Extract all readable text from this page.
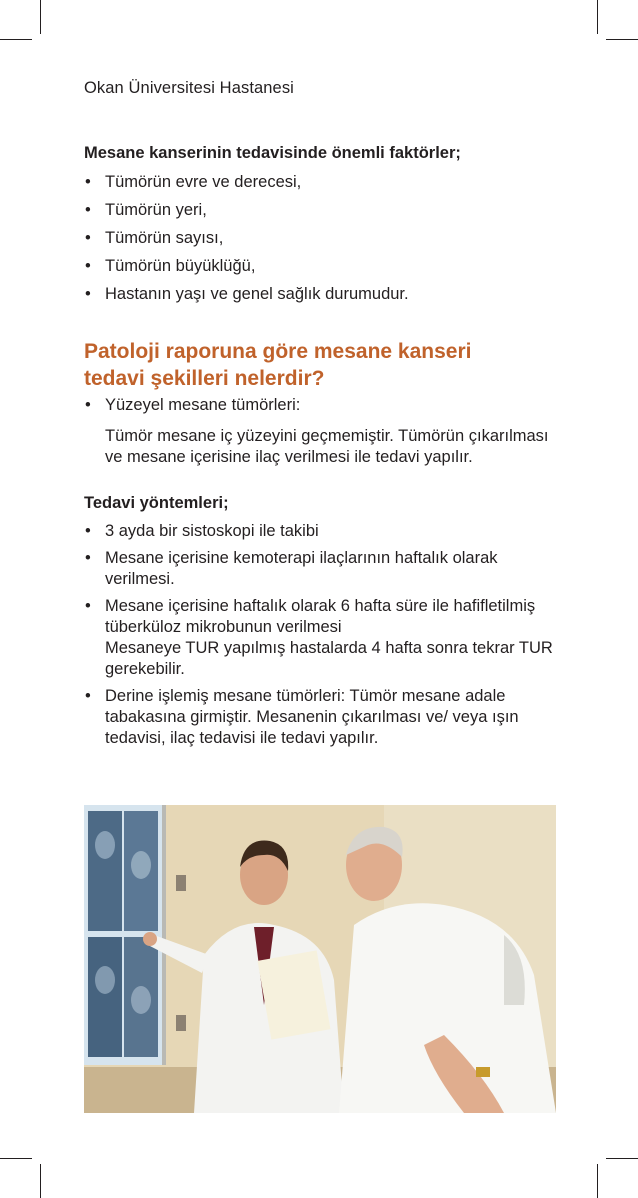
Okan Üniversitesi Hastanesi

Mesane kanserinin tedavisinde önemli faktörler;

• Tümörün evre ve derecesi,
• Tümörün yeri,
• Tümörün sayısı,
• Tümörün büyüklüğü,
• Hastanın yaşı ve genel sağlık durumudur.
Patoloji raporuna göre mesane kanseri
tedavi şekilleri nelerdir?
• Yüzeyel mesane tümörleri:
Tümör mesane iç yüzeyini geçmemiştir. Tümörün çıkarılması ve mesane içerisine ilaç verilmesi ile tedavi yapılır.

Tedavi yöntemleri;

• 3 ayda bir sistoskopi ile takibi
• Mesane içerisine kemoterapi ilaçlarının haftalık olarak verilmesi.
• Mesane içerisine haftalık olarak 6 hafta süre ile hafifletilmiş tüberküloz mikrobunun verilmesi
Mesaneye TUR yapılmış hastalarda 4 hafta sonra tekrar TUR gerekebilir.
• Derine işlemiş mesane tümörleri: Tümör mesane adale tabakasına girmiştir. Mesanenin çıkarılması ve/ veya ışın tedavisi, ilaç tedavisi ile tedavi yapılır.
